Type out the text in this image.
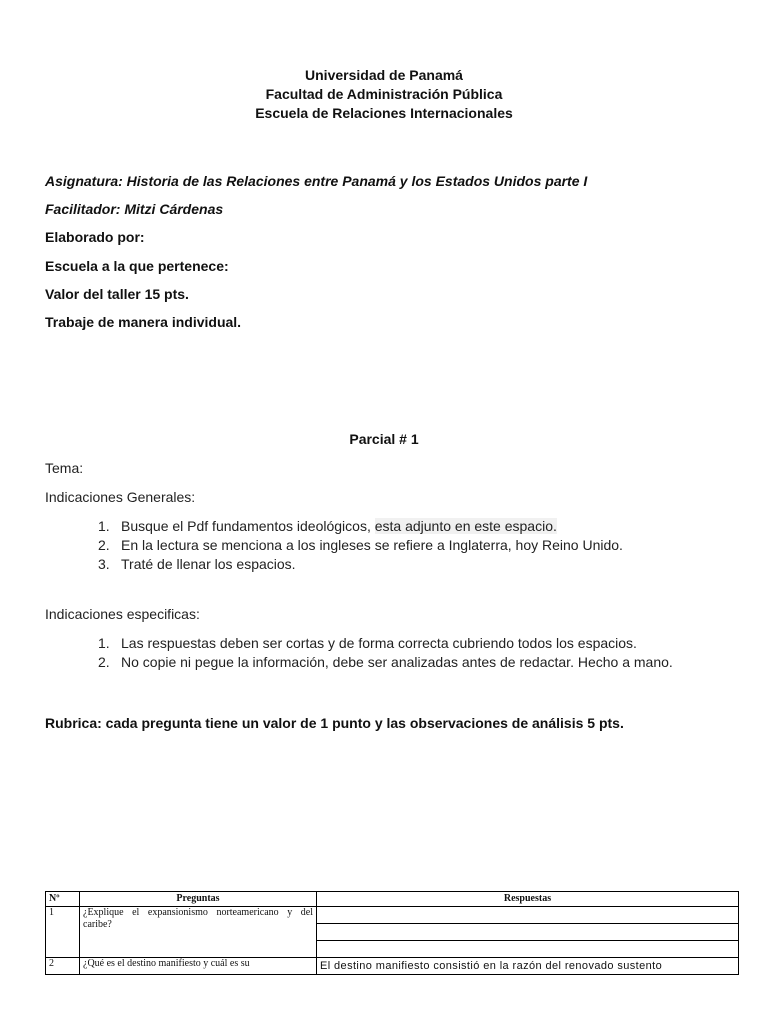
Universidad de Panamá
Facultad de Administración Pública
Escuela de Relaciones Internacionales
Asignatura: Historia de las Relaciones entre Panamá y los Estados Unidos parte I
Facilitador: Mitzi Cárdenas
Elaborado por:
Escuela a la que pertenece:
Valor del taller 15 pts.
Trabaje de manera individual.
Parcial # 1
Tema:
Indicaciones Generales:
1. Busque el Pdf fundamentos ideológicos, esta adjunto en este espacio.
2. En la lectura se menciona a los ingleses se refiere a Inglaterra, hoy Reino Unido.
3. Traté de llenar los espacios.
Indicaciones especificas:
1. Las respuestas deben ser cortas y de forma correcta cubriendo todos los espacios.
2. No copie ni pegue la información, debe ser analizadas antes de redactar. Hecho a mano.
Rubrica: cada pregunta tiene un valor de 1 punto y las observaciones de análisis 5 pts.
Nº	Preguntas	Respuestas
1	¿Explique el expansionismo norteamericano y del caribe?	

2	¿Qué es el destino manifiesto y cuál es su	El destino manifiesto consistió en la razón del renovado sustento
